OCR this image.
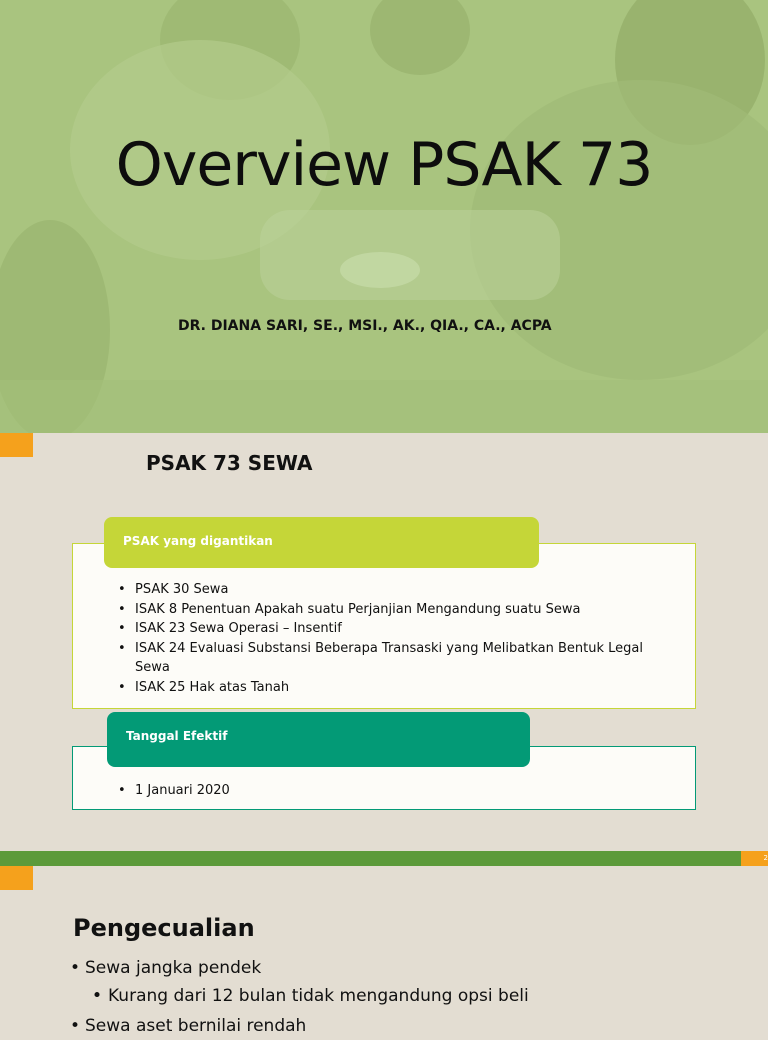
Overview PSAK 73
DR. DIANA SARI, SE., MSI., AK., QIA., CA., ACPA
PSAK 73 SEWA
• PSAK 30 Sewa
• ISAK 8 Penentuan Apakah suatu Perjanjian Mengandung suatu Sewa
• ISAK 23 Sewa Operasi – Insentif
• ISAK 24 Evaluasi Substansi Beberapa Transaski yang Melibatkan Bentuk Legal Sewa
• ISAK 25 Hak atas Tanah
PSAK yang digantikan
• 1 Januari 2020
Tanggal Efektif
2
Pengecualian
• Sewa jangka pendek
• • Kurang dari 12 bulan tidak mengandung opsi beli
• Sewa aset bernilai rendah
